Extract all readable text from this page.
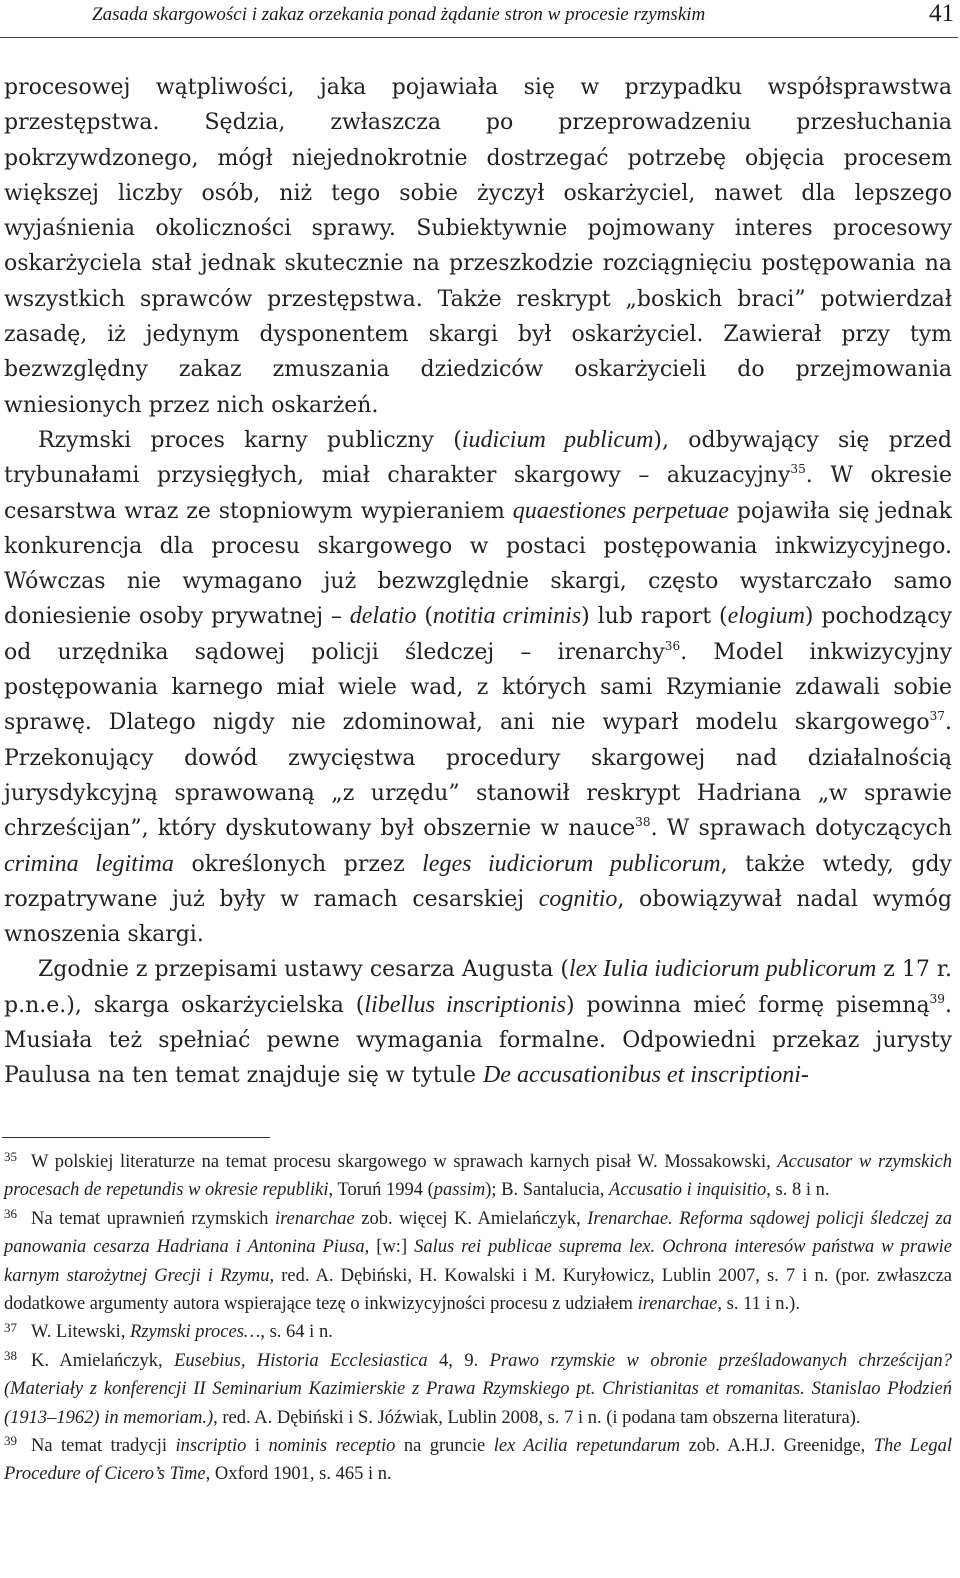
Zasada skargowości i zakaz orzekania ponad żądanie stron w procesie rzymskim	41

procesowej wątpliwości, jaka pojawiała się w przypadku współsprawstwa przestępstwa. Sędzia, zwłaszcza po przeprowadzeniu przesłuchania pokrzywdzonego, mógł niejednokrotnie dostrzegać potrzebę objęcia procesem większej liczby osób, niż tego sobie życzył oskarżyciel, nawet dla lepszego wyjaśnienia okoliczności sprawy. Subiektywnie pojmowany interes procesowy oskarżyciela stał jednak skutecznie na przeszkodzie rozciągnięciu postępowania na wszystkich sprawców przestępstwa. Także reskrypt „boskich braci” potwierdzał zasadę, iż jedynym dysponentem skargi był oskarżyciel. Zawierał przy tym bezwzględny zakaz zmuszania dziedziców oskarżycieli do przejmowania wniesionych przez nich oskarżeń.

Rzymski proces karny publiczny (iudicium publicum), odbywający się przed trybunałami przysięgłych, miał charakter skargowy – akuzacyjny$^{35}$. W okresie cesarstwa wraz ze stopniowym wypieraniem quaestiones perpetuae pojawiła się jednak konkurencja dla procesu skargowego w postaci postępowania inkwizycyjnego. Wówczas nie wymagano już bezwzględnie skargi, często wystarczało samo doniesienie osoby prywatnej – delatio (notitia criminis) lub raport (elogium) pochodzący od urzędnika sądowej policji śledczej – irenarchy$^{36}$. Model inkwizycyjny postępowania karnego miał wiele wad, z których sami Rzymianie zdawali sobie sprawę. Dlatego nigdy nie zdominował, ani nie wyparł modelu skargowego$^{37}$. Przekonujący dowód zwycięstwa procedury skargowej nad działalnością jurysdykcyjną sprawowaną „z urzędu” stanowił reskrypt Hadriana „w sprawie chrześcijan”, który dyskutowany był obszernie w nauce$^{38}$. W sprawach dotyczących crimina legitima określonych przez leges iudiciorum publicorum, także wtedy, gdy rozpatrywane już były w ramach cesarskiej cognitio, obowiązywał nadal wymóg wnoszenia skargi.

Zgodnie z przepisami ustawy cesarza Augusta (lex Iulia iudiciorum publicorum z 17 r. p.n.e.), skarga oskarżycielska (libellus inscriptionis) powinna mieć formę pisemną$^{39}$. Musiała też spełniać pewne wymagania formalne. Odpowiedni przekaz jurysty Paulusa na ten temat znajduje się w tytule De accusationibus et inscriptioni-

$^{35}$ W polskiej literaturze na temat procesu skargowego w sprawach karnych pisał W. Mossakowski, Accusator w rzymskich procesach de repetundis w okresie republiki, Toruń 1994 (passim); B. Santalucia, Accusatio i inquisitio, s. 8 i n.

$^{36}$ Na temat uprawnień rzymskich irenarchae zob. więcej K. Amielańczyk, Irenarchae. Reforma sądowej policji śledczej za panowania cesarza Hadriana i Antonina Piusa, [w:] Salus rei publicae suprema lex. Ochrona interesów państwa w prawie karnym starożytnej Grecji i Rzymu, red. A. Dębiński, H. Kowalski i M. Kuryłowicz, Lublin 2007, s. 7 i n. (por. zwłaszcza dodatkowe argumenty autora wspierające tezę o inkwizycyjności procesu z udziałem irenarchae, s. 11 i n.).

$^{37}$ W. Litewski, Rzymski proces…, s. 64 i n.

$^{38}$ K. Amielańczyk, Eusebius, Historia Ecclesiastica 4, 9. Prawo rzymskie w obronie prześladowanych chrześcijan? (Materiały z konferencji II Seminarium Kazimierskie z Prawa Rzymskiego pt. Christianitas et romanitas. Stanislao Płodzień (1913–1962) in memoriam.), red. A. Dębiński i S. Jóźwiak, Lublin 2008, s. 7 i n. (i podana tam obszerna literatura).

$^{39}$ Na temat tradycji inscriptio i nominis receptio na gruncie lex Acilia repetundarum zob. A.H.J. Greenidge, The Legal Procedure of Cicero’s Time, Oxford 1901, s. 465 i n.
